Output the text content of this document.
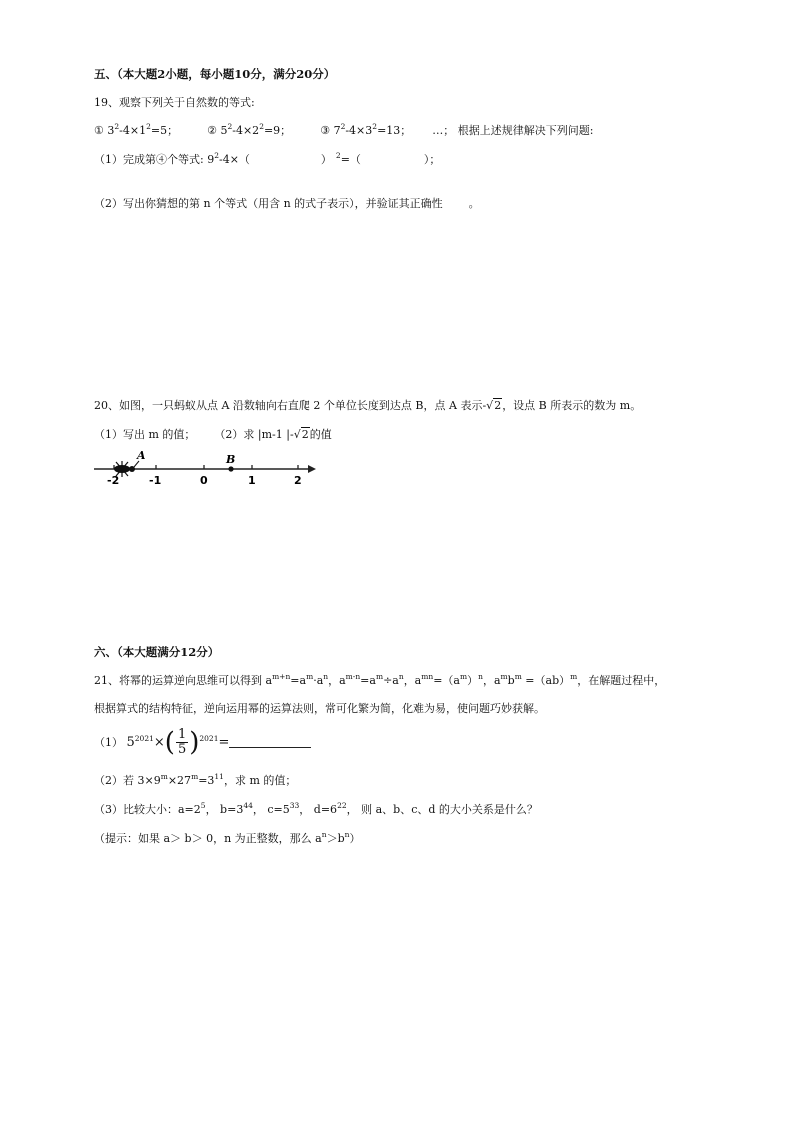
五、（本大题2小题，每小题10分，满分20分）
19、观察下列关于自然数的等式:
① $3^2-4\times 1^2=5$；	② $5^2-4\times 2^2=9$；	③ $7^2-4\times 3^2=13$； …； 根据上述规律解决下列问题:
（1）完成第④个等式: $9^2-4\times$（	） $^2$=（	）；
（2）写出你猜想的第 n 个等式（用含 n 的式子表示），并验证其正确性 。
20、如图，一只蚂蚁从点 A 沿数轴向右直爬 2 个单位长度到达点 B，点 A 表示-√2，设点 B 所表示的数为 m。
（1）写出 m 的值； （2）求 |m-1 |-√2的值
A	B
-2	-1	0	1	2
六、（本大题满分12分）
21、将幂的运算逆向思维可以得到 $a^{m+n}=a^m\cdot a^n$，$a^{m-n}=a^m\div a^n$，$a^{mn}=(a^m)^n$，$a^mb^m =(ab)^m$，在解题过程中，
根据算式的结构特征，逆向运用幂的运算法则，常可化繁为简，化难为易，使问题巧妙获解。
（1） $5^{2021}\times( \frac{1}{5} )^{2021}=$
（2）若 $3\times 9^m\times 27^m=3^{11}$，求 m 的值；
（3）比较大小：$a=2^5$， $b=3^{44}$， $c=5^{33}$， $d=6^{22}$， 则 a、b、c、d 的大小关系是什么？
（提示：如果 a＞ b＞ 0，n 为正整数，那么 $a^n>b^n$）
